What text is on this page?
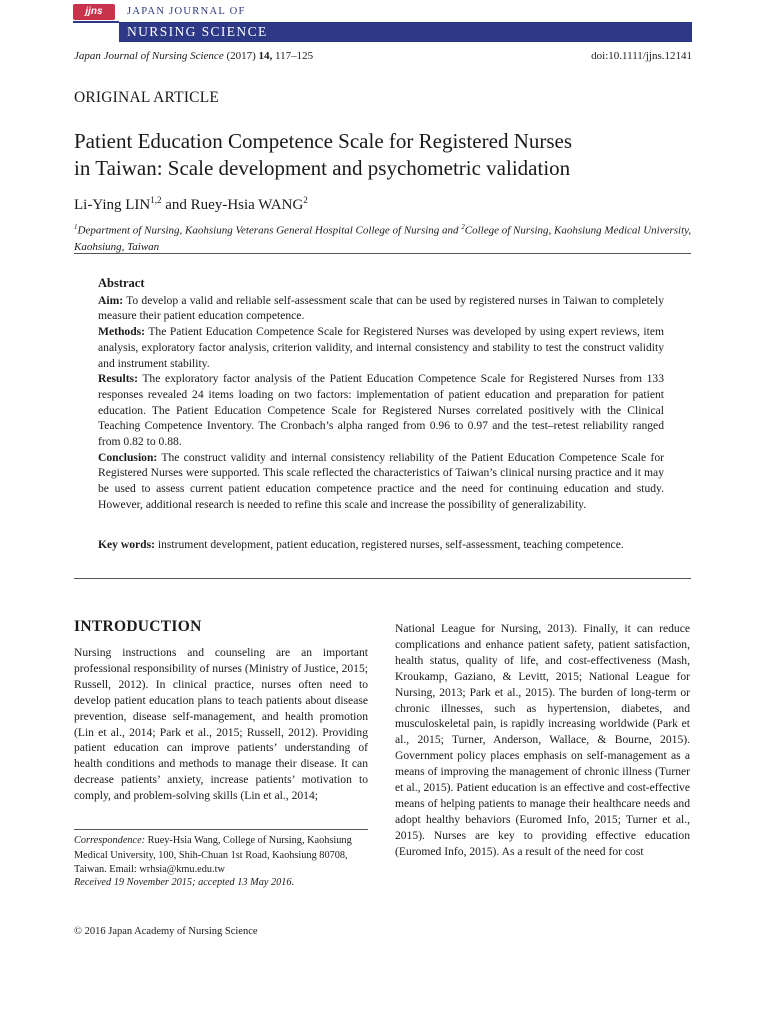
jjns	JAPAN JOURNAL OF
NURSING SCIENCE
Japan Journal of Nursing Science (2017) 14, 117–125	doi:10.1111/jjns.12141
ORIGINAL ARTICLE
Patient Education Competence Scale for Registered Nurses
in Taiwan: Scale development and psychometric validation
Li-Ying LIN$^{1,2}$ and Ruey-Hsia WANG$^2$
$^1$Department of Nursing, Kaohsiung Veterans General Hospital College of Nursing and $^2$College of Nursing, Kaohsiung Medical University, Kaohsiung, Taiwan
Abstract

Aim: To develop a valid and reliable self-assessment scale that can be used by registered nurses in Taiwan to completely measure their patient education competence.

Methods: The Patient Education Competence Scale for Registered Nurses was developed by using expert reviews, item analysis, exploratory factor analysis, criterion validity, and internal consistency and stability to test the construct validity and instrument stability.

Results: The exploratory factor analysis of the Patient Education Competence Scale for Registered Nurses from 133 responses revealed 24 items loading on two factors: implementation of patient education and preparation for patient education. The Patient Education Competence Scale for Registered Nurses correlated positively with the Clinical Teaching Competence Inventory. The Cronbach’s alpha ranged from 0.96 to 0.97 and the test–retest reliability ranged from 0.82 to 0.88.

Conclusion: The construct validity and internal consistency reliability of the Patient Education Competence Scale for Registered Nurses were supported. This scale reflected the characteristics of Taiwan’s clinical nursing practice and it may be used to assess current patient education competence practice and the need for continuing education and study. However, additional research is needed to refine this scale and increase the possibility of generalizability.

Key words: instrument development, patient education, registered nurses, self-assessment, teaching competence.
INTRODUCTION
Nursing instructions and counseling are an important professional responsibility of nurses (Ministry of Justice, 2015; Russell, 2012). In clinical practice, nurses often need to develop patient education plans to teach patients about disease prevention, disease self-management, and health promotion (Lin et al., 2014; Park et al., 2015; Russell, 2012). Providing patient education can improve patients’ understanding of health conditions and methods to manage their disease. It can decrease patients’ anxiety, increase patients’ motivation to comply, and problem-solving skills (Lin et al., 2014;
National League for Nursing, 2013). Finally, it can reduce complications and enhance patient safety, patient satisfaction, health status, quality of life, and cost-effectiveness (Mash, Kroukamp, Gaziano, & Levitt, 2015; National League for Nursing, 2013; Park et al., 2015). The burden of long-term or chronic illnesses, such as hypertension, diabetes, and musculoskeletal pain, is rapidly increasing worldwide (Park et al., 2015; Turner, Anderson, Wallace, & Bourne, 2015). Government policy places emphasis on self-management as a means of improving the management of chronic illness (Turner et al., 2015). Patient education is an effective and cost-effective means of helping patients to manage their healthcare needs and adopt healthy behaviors (Euromed Info, 2015; Turner et al., 2015). Nurses are key to providing effective education (Euromed Info, 2015). As a result of the need for cost
Correspondence: Ruey-Hsia Wang, College of Nursing, Kaohsiung Medical University, 100, Shih-Chuan 1st Road, Kaohsiung 80708, Taiwan. Email: wrhsia@kmu.edu.tw
Received 19 November 2015; accepted 13 May 2016.
© 2016 Japan Academy of Nursing Science
